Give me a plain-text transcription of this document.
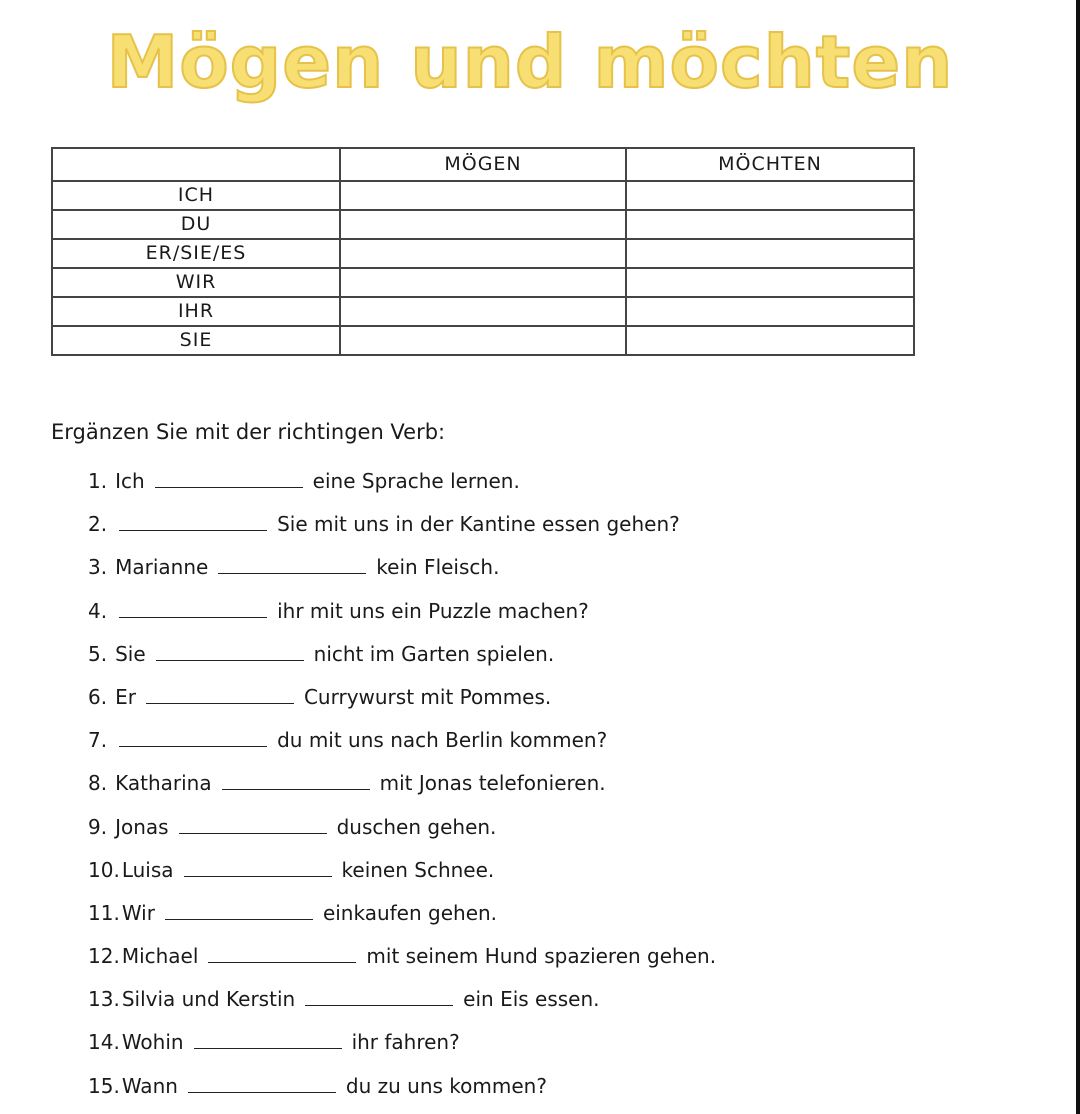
Mögen und möchten
	MÖGEN	MÖCHTEN
ICH		
DU		
ER/SIE/ES		
WIR		
IHR		
SIE		

Ergänzen Sie mit der richtingen Verb:

1. Ich	eine Sprache lernen.
2.	Sie mit uns in der Kantine essen gehen?
3. Marianne	kein Fleisch.
4.	ihr mit uns ein Puzzle machen?
5. Sie	nicht im Garten spielen.
6. Er	Currywurst mit Pommes.
7.	du mit uns nach Berlin kommen?
8. Katharina	mit Jonas telefonieren.
9. Jonas	duschen gehen.
10. Luisa	keinen Schnee.
11. Wir	einkaufen gehen.
12. Michael	mit seinem Hund spazieren gehen.
13. Silvia und Kerstin	ein Eis essen.
14. Wohin	ihr fahren?
15. Wann	du zu uns kommen?
